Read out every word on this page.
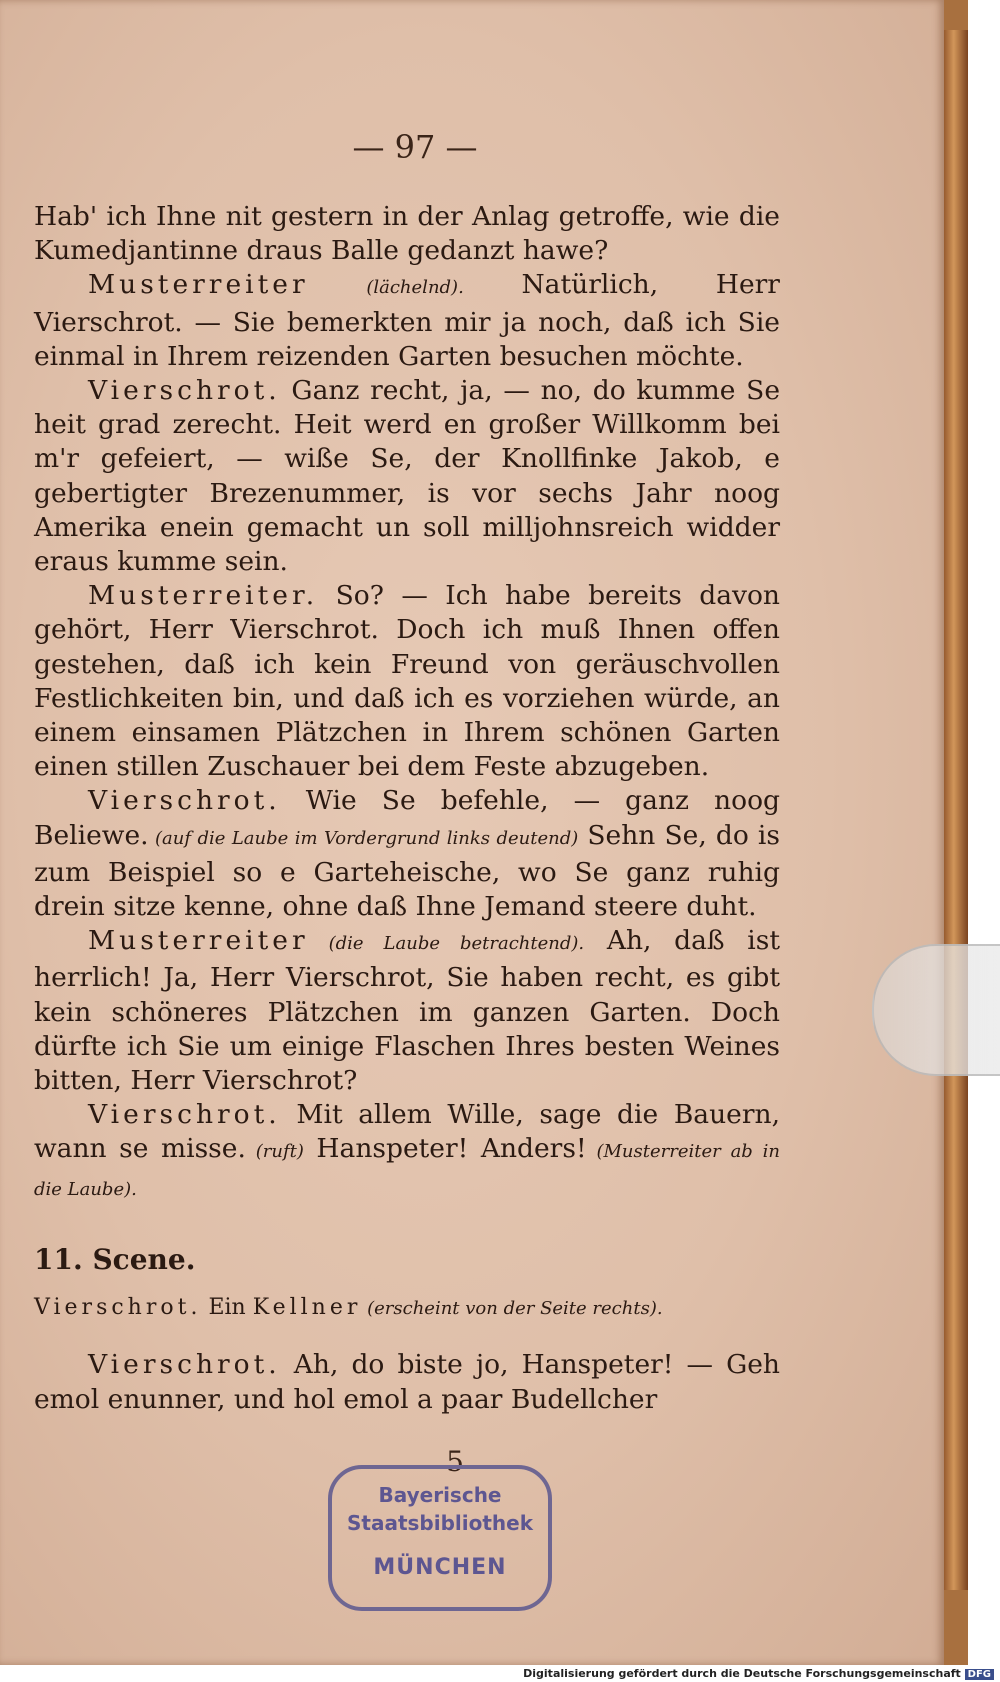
— 97 —

Hab' ich Ihne nit gestern in der Anlag getroffe, wie die Kumedjantinne draus Balle gedanzt hawe?

Musterreiter	(lächelnd). Natürlich, Herr Vierschrot. — Sie bemerkten mir ja noch, daß ich Sie einmal in Ihrem reizenden Garten besuchen möchte.

Vierschrot. Ganz recht, ja, — no, do kumme Se heit grad zerecht. Heit werd en großer Willkomm bei m'r gefeiert, — wiße Se, der Knollfinke Jakob, e gebertigter Brezenummer, is vor sechs Jahr noog Amerika enein gemacht un soll milljohnsreich widder eraus kumme sein.

Musterreiter. So? — Ich habe bereits davon gehört, Herr Vierschrot. Doch ich muß Ihnen offen gestehen, daß ich kein Freund von geräuschvollen Festlichkeiten bin, und daß ich es vorziehen würde, an einem einsamen Plätzchen in Ihrem schönen Garten einen stillen Zuschauer bei dem Feste abzugeben.

Vierschrot. Wie Se befehle, — ganz noog Beliewe. (auf die Laube im Vordergrund links deutend) Sehn Se, do is zum Beispiel so e Garteheische, wo Se ganz ruhig drein sitze kenne, ohne daß Ihne Jemand steere duht.

Musterreiter (die Laube betrachtend). Ah, daß ist herrlich! Ja, Herr Vierschrot, Sie haben recht, es gibt kein schöneres Plätzchen im ganzen Garten. Doch dürfte ich Sie um einige Flaschen Ihres besten Weines bitten, Herr Vierschrot?

Vierschrot. Mit allem Wille, sage die Bauern, wann se misse. (ruft) Hanspeter! Anders! (Musterreiter ab in die Laube).

11. Scene.

Vierschrot. Ein Kellner (erscheint von der Seite rechts).

Vierschrot. Ah, do biste jo, Hanspeter! — Geh emol enunner, und hol emol a paar Budellcher

5
Bayerische
Staatsbibliothek
MÜNCHEN
Digitalisierung gefördert durch die Deutsche Forschungsgemeinschaft DFG
